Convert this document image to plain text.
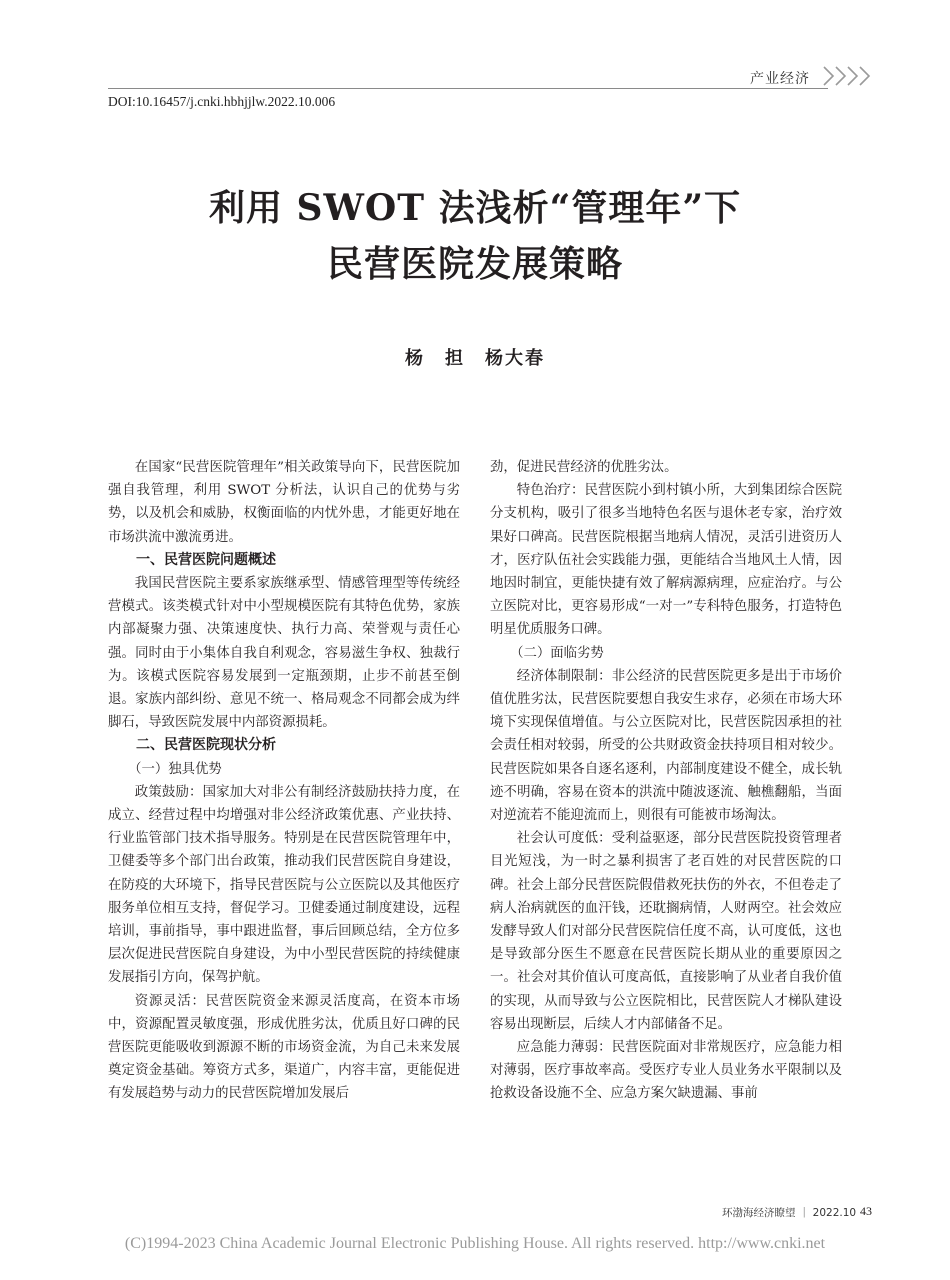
产业经济
DOI:10.16457/j.cnki.hbhjjlw.2022.10.006
利用 SWOT 法浅析“管理年”下
民营医院发展策略
杨　担　杨大春

在国家“民营医院管理年”相关政策导向下，民营医院加强自我管理，利用 SWOT 分析法，认识自己的优势与劣势，以及机会和威胁，权衡面临的内忧外患，才能更好地在市场洪流中激流勇进。

一、民营医院问题概述

我国民营医院主要系家族继承型、情感管理型等传统经营模式。该类模式针对中小型规模医院有其特色优势，家族内部凝聚力强、决策速度快、执行力高、荣誉观与责任心强。同时由于小集体自我自利观念，容易滋生争权、独裁行为。该模式医院容易发展到一定瓶颈期，止步不前甚至倒退。家族内部纠纷、意见不统一、格局观念不同都会成为绊脚石，导致医院发展中内部资源损耗。

二、民营医院现状分析

（一）独具优势

政策鼓励：国家加大对非公有制经济鼓励扶持力度，在成立、经营过程中均增强对非公经济政策优惠、产业扶持、行业监管部门技术指导服务。特别是在民营医院管理年中，卫健委等多个部门出台政策，推动我们民营医院自身建设，在防疫的大环境下，指导民营医院与公立医院以及其他医疗服务单位相互支持，督促学习。卫健委通过制度建设，远程培训，事前指导，事中跟进监督，事后回顾总结，全方位多层次促进民营医院自身建设，为中小型民营医院的持续健康发展指引方向，保驾护航。

资源灵活：民营医院资金来源灵活度高，在资本市场中，资源配置灵敏度强，形成优胜劣汰，优质且好口碑的民营医院更能吸收到源源不断的市场资金流，为自己未来发展奠定资金基础。筹资方式多，渠道广，内容丰富，更能促进有发展趋势与动力的民营医院增加发展后

劲，促进民营经济的优胜劣汰。

特色治疗：民营医院小到村镇小所，大到集团综合医院分支机构，吸引了很多当地特色名医与退休老专家，治疗效果好口碑高。民营医院根据当地病人情况，灵活引进资历人才，医疗队伍社会实践能力强，更能结合当地风土人情，因地因时制宜，更能快捷有效了解病源病理，应症治疗。与公立医院对比，更容易形成“一对一”专科特色服务，打造特色明星优质服务口碑。

（二）面临劣势

经济体制限制：非公经济的民营医院更多是出于市场价值优胜劣汰，民营医院要想自我安生求存，必须在市场大环境下实现保值增值。与公立医院对比，民营医院因承担的社会责任相对较弱，所受的公共财政资金扶持项目相对较少。民营医院如果各自逐名逐利，内部制度建设不健全，成长轨迹不明确，容易在资本的洪流中随波逐流、触樵翻船，当面对逆流若不能迎流而上，则很有可能被市场淘汰。

社会认可度低：受利益驱逐，部分民营医院投资管理者目光短浅，为一时之暴利损害了老百姓的对民营医院的口碑。社会上部分民营医院假借救死扶伤的外衣，不但卷走了病人治病就医的血汗钱，还耽搁病情，人财两空。社会效应发酵导致人们对部分民营医院信任度不高，认可度低，这也是导致部分医生不愿意在民营医院长期从业的重要原因之一。社会对其价值认可度高低，直接影响了从业者自我价值的实现，从而导致与公立医院相比，民营医院人才梯队建设容易出现断层，后续人才内部储备不足。

应急能力薄弱：民营医院面对非常规医疗，应急能力相对薄弱，医疗事故率高。受医疗专业人员业务水平限制以及抢救设备设施不全、应急方案欠缺遗漏、事前

环渤海经济瞭望 ｜ 2022.10 43
(C)1994-2023 China Academic Journal Electronic Publishing House. All rights reserved. http://www.cnki.net
